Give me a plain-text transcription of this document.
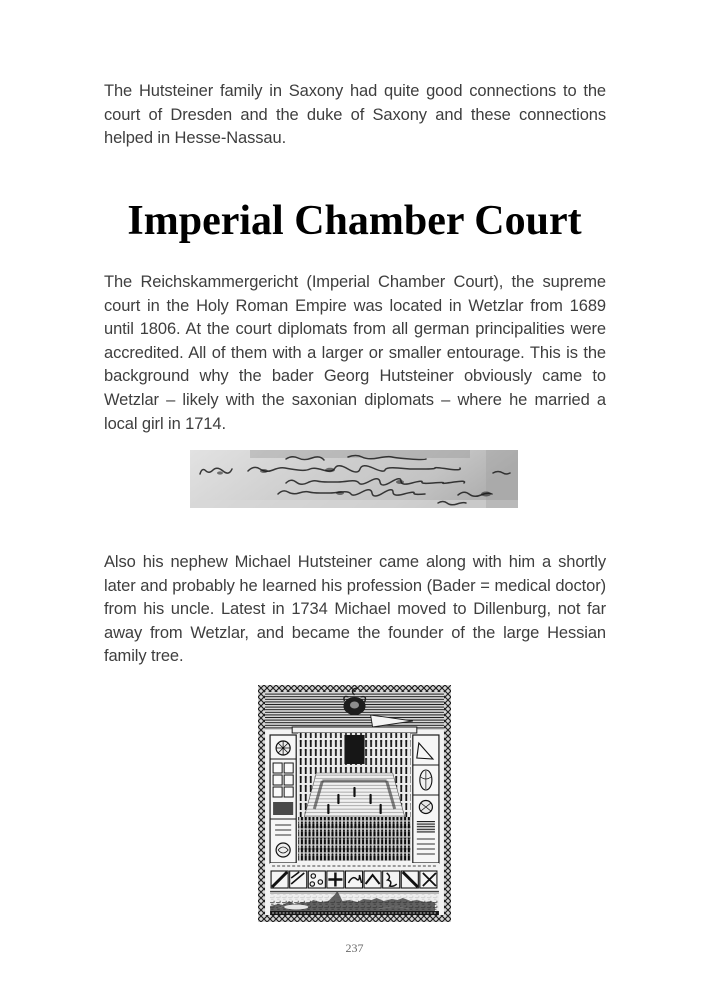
The Hutsteiner family in Saxony had quite good connections to the court of Dresden and the duke of Saxony and these connections helped in Hesse-Nassau.

Imperial Chamber Court

The Reichskammergericht (Imperial Chamber Court), the supreme court in the Holy Roman Empire was located in Wetzlar from 1689 until 1806. At the court diplomats from all german principalities were accredited. All of them with a larger or smaller entourage. This is the background why the bader Georg Hutsteiner obviously came to Wetzlar – likely with the saxonian diplomats – where he married a local girl in 1714.

Also his nephew Michael Hutsteiner came along with him a shortly later and probably he learned his profession (Bader = medical doctor) from his uncle. Latest in 1734 Michael moved to Dillenburg, not far away from Wetzlar, and became the founder of the large Hessian family tree.

237
